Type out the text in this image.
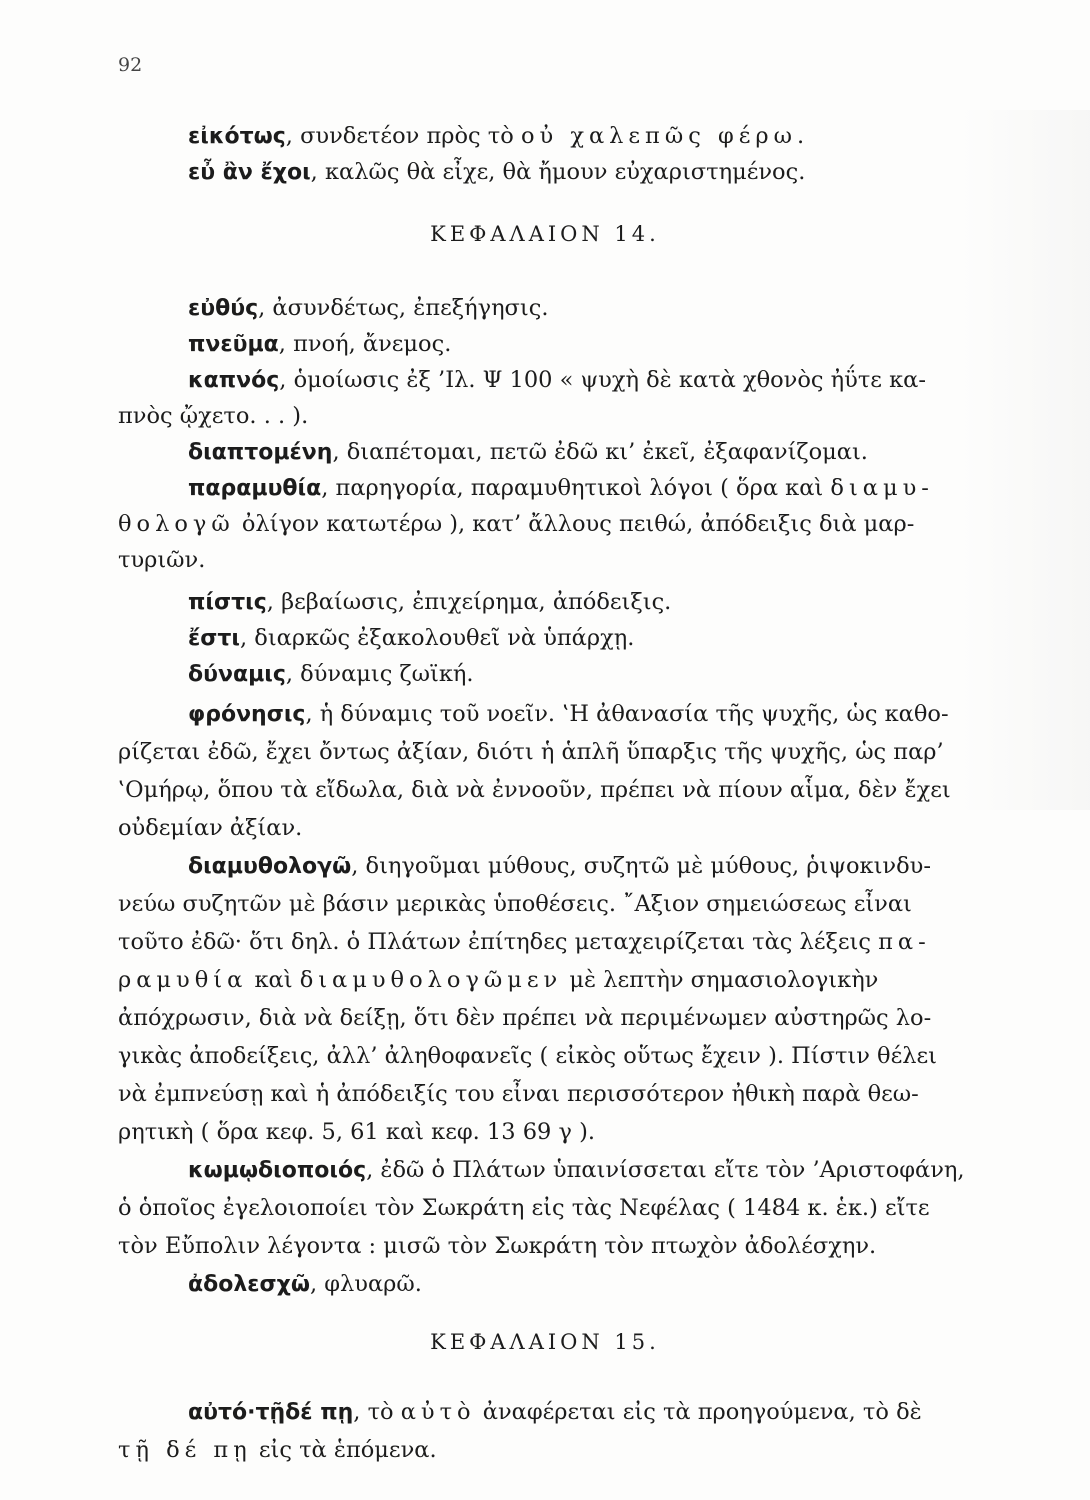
92
εἰκότως, συνδετέον πρὸς τὸ οὐ χαλεπῶς φέρω.
εὖ ἂν ἔχοι, καλῶς θὰ εἶχε, θὰ ἤμουν εὐχαριστημένος.
ΚΕΦΑΛΑΙΟΝ 14.
εὐθύς, ἀσυνδέτως, ἐπεξήγησις.
πνεῦμα, πνοή, ἄνεμος.
καπνός, ὁμοίωσις ἐξ ’Ιλ. Ψ 100 « ψυχὴ δὲ κατὰ χθονὸς ἠΰτε κα-
πνὸς ᾤχετο. . . ).
διαπτομένη, διαπέτομαι, πετῶ ἐδῶ κι’ ἐκεῖ, ἐξαφανίζομαι.
παραμυθία, παρηγορία, παραμυθητικοὶ λόγοι ( ὅρα καὶ διαμυ-
θολογῶ ὀλίγον κατωτέρω ), κατ’ ἄλλους πειθώ, ἀπόδειξις διὰ μαρ-
τυριῶν.
πίστις, βεβαίωσις, ἐπιχείρημα, ἀπόδειξις.
ἔστι, διαρκῶς ἐξακολουθεῖ νὰ ὑπάρχῃ.
δύναμις, δύναμις ζωϊκή.
φρόνησις, ἡ δύναμις τοῦ νοεῖν. ‛Η ἀθανασία τῆς ψυχῆς, ὡς καθο-
ρίζεται ἐδῶ, ἔχει ὄντως ἀξίαν, διότι ἡ ἁπλῆ ὕπαρξις τῆς ψυχῆς, ὡς παρ’
‛Ομήρῳ, ὅπου τὰ εἴδωλα, διὰ νὰ ἐννοοῦν, πρέπει νὰ πίουν αἷμα, δὲν ἔχει
οὐδεμίαν ἀξίαν.
διαμυθολογῶ, διηγοῦμαι μύθους, συζητῶ μὲ μύθους, ῥιψοκινδυ-
νεύω συζητῶν μὲ βάσιν μερικὰς ὑποθέσεις. ῎Αξιον σημειώσεως εἶναι
τοῦτο ἐδῶ· ὅτι δηλ. ὁ Πλάτων ἐπίτηδες μεταχειρίζεται τὰς λέξεις πα-
ραμυθία καὶ διαμυθολογῶμεν μὲ λεπτὴν σημασιολογικὴν
ἀπόχρωσιν, διὰ νὰ δείξῃ, ὅτι δὲν πρέπει νὰ περιμένωμεν αὐστηρῶς λο-
γικὰς ἀποδείξεις, ἀλλ’ ἀληθοφανεῖς ( εἰκὸς οὕτως ἔχειν ). Πίστιν θέλει
νὰ ἐμπνεύσῃ καὶ ἡ ἀπόδειξίς του εἶναι περισσότερον ἠθικὴ παρὰ θεω-
ρητικὴ ( ὅρα κεφ. 5, 61 καὶ κεφ. 13 69 γ ).
κωμῳδιοποιός, ἐδῶ ὁ Πλάτων ὑπαινίσσεται εἴτε τὸν ’Αριστοφάνη,
ὁ ὁποῖος ἐγελοιοποίει τὸν Σωκράτη εἰς τὰς Νεφέλας ( 1484 κ. ἑκ.) εἴτε
τὸν Εὔπολιν λέγοντα : μισῶ τὸν Σωκράτη τὸν πτωχὸν ἀδολέσχην.
ἀδολεσχῶ, φλυαρῶ.
ΚΕΦΑΛΑΙΟΝ 15.
αὐτό·τῇδέ πῃ, τὸ αὐτὸ ἀναφέρεται εἰς τὰ προηγούμενα, τὸ δὲ
τῇ δέ πῃ εἰς τὰ ἑπόμενα.
